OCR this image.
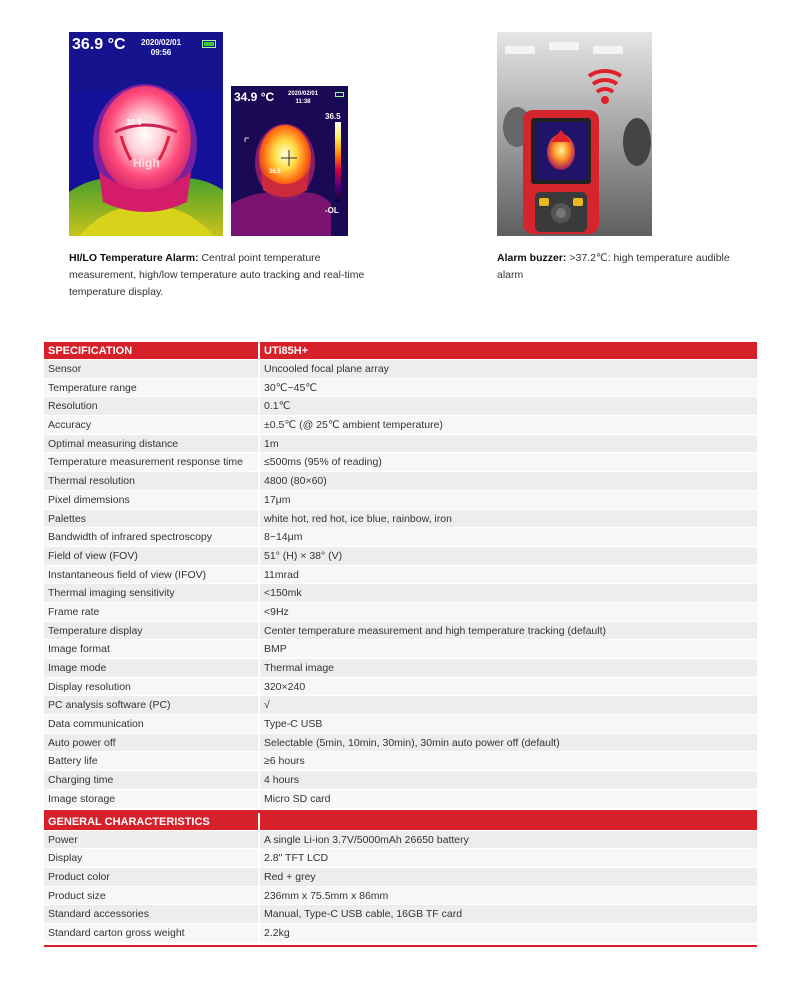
36.9 °C 2020/02/01
09:56
36.9
High
34.9 °C 2020/02/01
11:38
36.5
-OL
36.5
HI/LO Temperature Alarm: Central point temperature measurement, high/low temperature auto tracking and real-time temperature display.
Alarm buzzer: >37.2℃: high temperature audible alarm
SPECIFICATION	UTi85H+
Sensor	Uncooled focal plane array
Temperature range	30℃~45℃
Resolution	0.1℃
Accuracy	±0.5℃ (@ 25℃ ambient temperature)
Optimal measuring distance	1m
Temperature measurement response time	≤500ms (95% of reading)
Thermal resolution	4800 (80×60)
Pixel dimemsions	17μm
Palettes	white hot, red hot, ice blue, rainbow, iron
Bandwidth of infrared spectroscopy	8~14μm
Field of view (FOV)	51° (H) × 38° (V)
Instantaneous field of view (IFOV)	11mrad
Thermal imaging sensitivity	<150mk
Frame rate	<9Hz
Temperature display	Center temperature measurement and high temperature tracking (default)
Image format	BMP
Image mode	Thermal image
Display resolution	320×240
PC analysis software (PC)	√
Data communication	Type-C USB
Auto power off	Selectable (5min, 10min, 30min), 30min auto power off (default)
Battery life	≥6 hours
Charging time	4 hours
Image storage	Micro SD card
GENERAL CHARACTERISTICS
Power	A single Li-ion 3.7V/5000mAh 26650 battery
Display	2.8" TFT LCD
Product color	Red + grey
Product size	236mm x 75.5mm x 86mm
Standard accessories	Manual, Type-C USB cable, 16GB TF card
Standard carton gross weight	2.2kg
